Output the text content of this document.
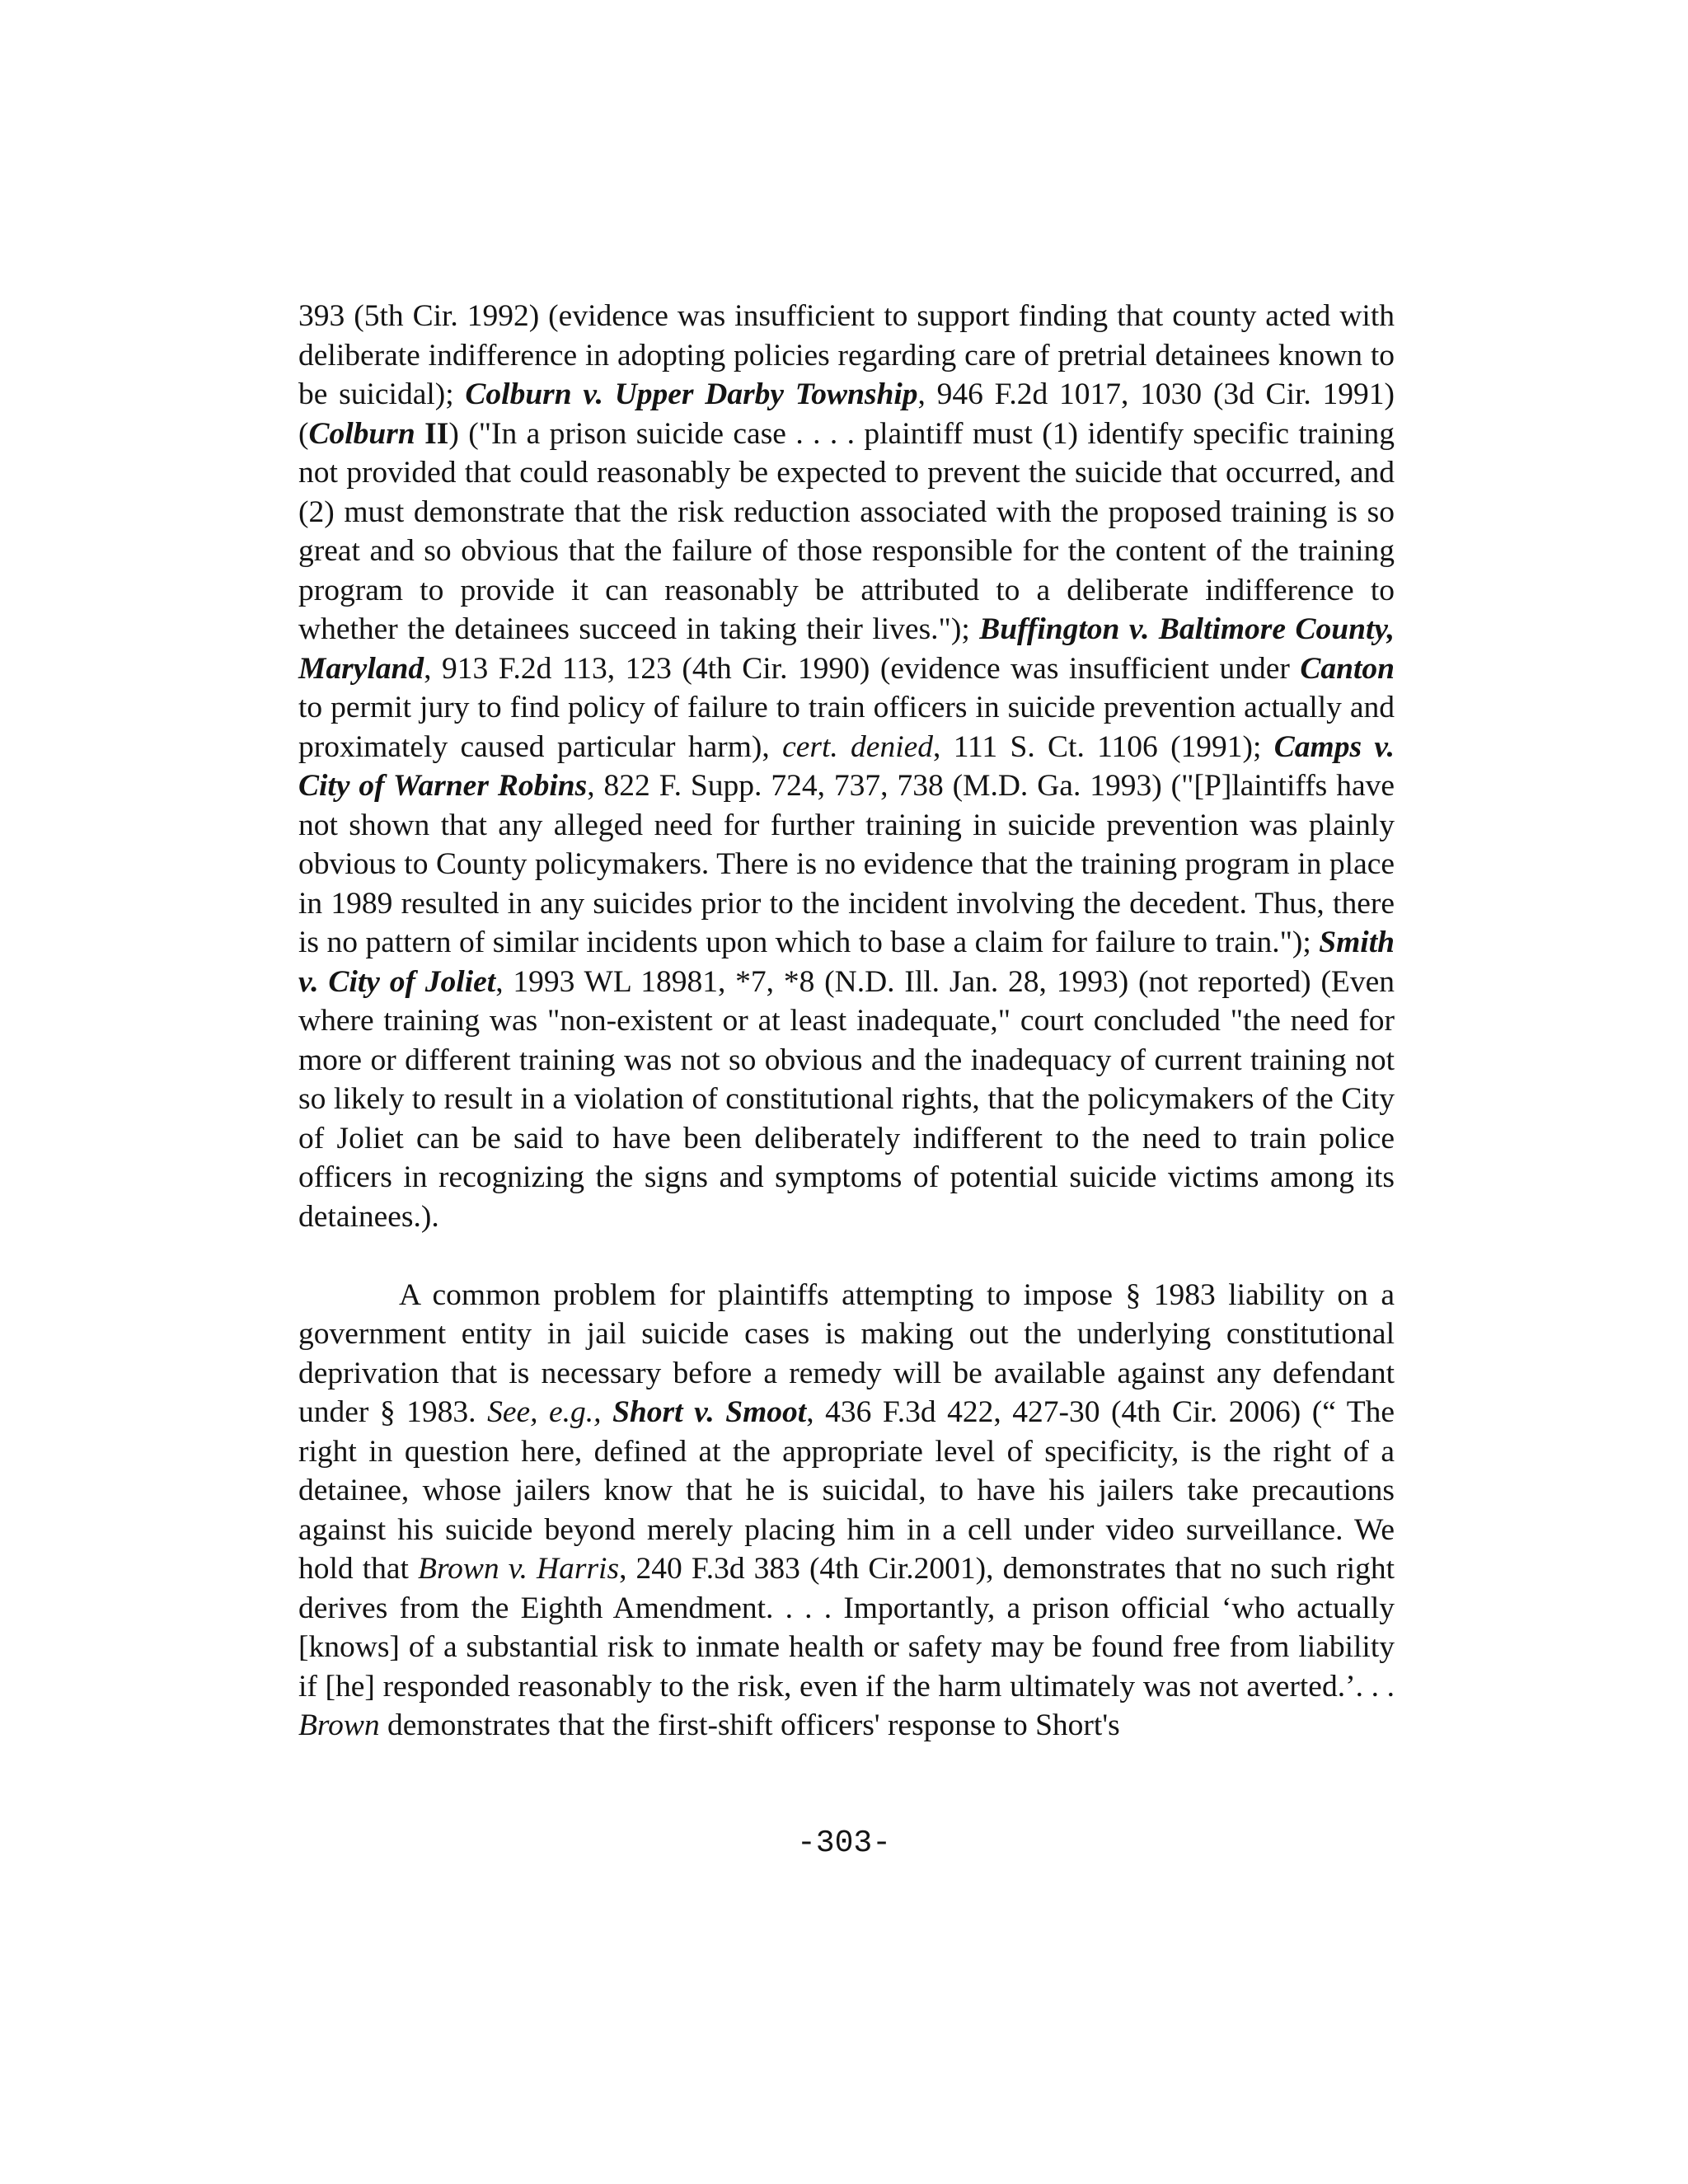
393 (5th Cir. 1992) (evidence was insufficient to support finding that county acted with deliberate indifference in adopting policies regarding care of pretrial detainees known to be suicidal); Colburn v. Upper Darby Township, 946 F.2d 1017, 1030 (3d Cir. 1991) (Colburn II) ("In a prison suicide case . . . . plaintiff must (1) identify specific training not provided that could reasonably be expected to prevent the suicide that occurred, and (2) must demonstrate that the risk reduction associated with the proposed training is so great and so obvious that the failure of those responsible for the content of the training program to provide it can reasonably be attributed to a deliberate indifference to whether the detainees succeed in taking their lives."); Buffington v. Baltimore County, Maryland, 913 F.2d 113, 123 (4th Cir. 1990) (evidence was insufficient under Canton to permit jury to find policy of failure to train officers in suicide prevention actually and proximately caused particular harm), cert. denied, 111 S. Ct. 1106 (1991); Camps v. City of Warner Robins, 822 F. Supp. 724, 737, 738 (M.D. Ga. 1993) ("[P]laintiffs have not shown that any alleged need for further training in suicide prevention was plainly obvious to County policymakers. There is no evidence that the training program in place in 1989 resulted in any suicides prior to the incident involving the decedent. Thus, there is no pattern of similar incidents upon which to base a claim for failure to train."); Smith v. City of Joliet, 1993 WL 18981, *7, *8 (N.D. Ill. Jan. 28, 1993) (not reported) (Even where training was "non-existent or at least inadequate," court concluded "the need for more or different training was not so obvious and the inadequacy of current training not so likely to result in a violation of constitutional rights, that the policymakers of the City of Joliet can be said to have been deliberately indifferent to the need to train police officers in recognizing the signs and symptoms of potential suicide victims among its detainees.).

A common problem for plaintiffs attempting to impose § 1983 liability on a government entity in jail suicide cases is making out the underlying constitutional deprivation that is necessary before a remedy will be available against any defendant under § 1983. See, e.g., Short v. Smoot, 436 F.3d 422, 427-30 (4th Cir. 2006) (“ The right in question here, defined at the appropriate level of specificity, is the right of a detainee, whose jailers know that he is suicidal, to have his jailers take precautions against his suicide beyond merely placing him in a cell under video surveillance. We hold that Brown v. Harris, 240 F.3d 383 (4th Cir.2001), demonstrates that no such right derives from the Eighth Amendment. . . . Importantly, a prison official ‘who actually [knows] of a substantial risk to inmate health or safety may be found free from liability if [he] responded reasonably to the risk, even if the harm ultimately was not averted.’. . . Brown demonstrates that the first-shift officers' response to Short's

-303-
